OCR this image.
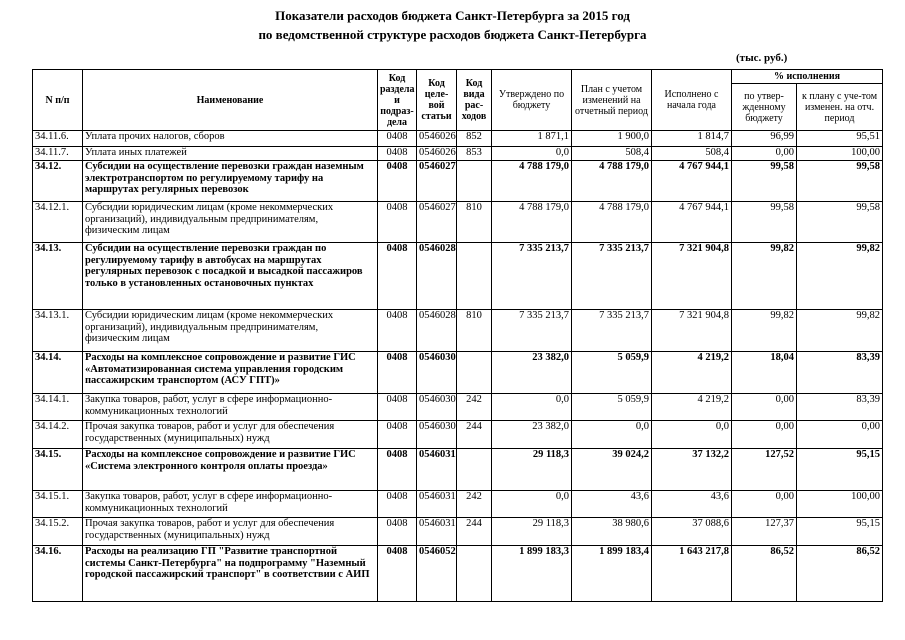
Показатели расходов бюджета Санкт-Петербурга за 2015 год
по ведомственной структуре расходов бюджета Санкт-Петербурга
(тыс. руб.)
N п/п	Наименование	Код раздела и подраз-дела	Код целе-вой статьи	Код вида рас-ходов	Утверждено по бюджету	План с учетом изменений на отчетный период	Исполнено с начала года	% исполнения	
								по утвер-жденному бюджету	к плану с уче-том изменен. на отч. период
34.11.6.	Уплата прочих налогов, сборов	0408	0546026	852	1 871,1	1 900,0	1 814,7	96,99	95,51
34.11.7.	Уплата иных платежей	0408	0546026	853	0,0	508,4	508,4	0,00	100,00
34.12.	Субсидии на осуществление перевозки граждан наземным электротранспортом по регулируемому тарифу на маршрутах регулярных перевозок	0408	0546027		4 788 179,0	4 788 179,0	4 767 944,1	99,58	99,58
34.12.1.	Субсидии юридическим лицам (кроме некоммерческих организаций), индивидуальным предпринимателям, физическим лицам	0408	0546027	810	4 788 179,0	4 788 179,0	4 767 944,1	99,58	99,58
34.13.	Субсидии на осуществление перевозки граждан по регулируемому тарифу в автобусах на маршрутах регулярных перевозок с посадкой и высадкой пассажиров только в установленных остановочных пунктах	0408	0546028		7 335 213,7	7 335 213,7	7 321 904,8	99,82	99,82
34.13.1.	Субсидии юридическим лицам (кроме некоммерческих организаций), индивидуальным предпринимателям, физическим лицам	0408	0546028	810	7 335 213,7	7 335 213,7	7 321 904,8	99,82	99,82
34.14.	Расходы на комплексное сопровождение и развитие ГИС «Автоматизированная система управления городским пассажирским транспортом (АСУ ГПТ)»	0408	0546030		23 382,0	5 059,9	4 219,2	18,04	83,39
34.14.1.	Закупка товаров, работ, услуг в сфере информационно-коммуникационных технологий	0408	0546030	242	0,0	5 059,9	4 219,2	0,00	83,39
34.14.2.	Прочая закупка товаров, работ и услуг для обеспечения государственных (муниципальных) нужд	0408	0546030	244	23 382,0	0,0	0,0	0,00	0,00
34.15.	Расходы на комплексное сопровождение и развитие ГИС «Система электронного контроля оплаты проезда»	0408	0546031		29 118,3	39 024,2	37 132,2	127,52	95,15
34.15.1.	Закупка товаров, работ, услуг в сфере информационно-коммуникационных технологий	0408	0546031	242	0,0	43,6	43,6	0,00	100,00
34.15.2.	Прочая закупка товаров, работ и услуг для обеспечения государственных (муниципальных) нужд	0408	0546031	244	29 118,3	38 980,6	37 088,6	127,37	95,15
34.16.	Расходы на реализацию ГП "Развитие транспортной системы Санкт-Петербурга" на подпрограмму "Наземный городской пассажирский транспорт" в соответствии с АИП	0408	0546052		1 899 183,3	1 899 183,4	1 643 217,8	86,52	86,52
